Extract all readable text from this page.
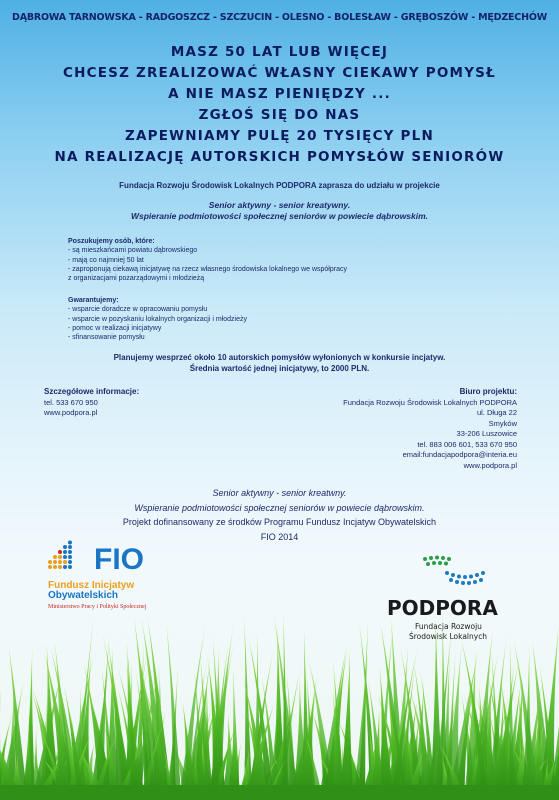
DĄBROWA TARNOWSKA - RADGOSZCZ - SZCZUCIN - OLESNO - BOLESŁAW - GRĘBOSZÓW - MĘDZECHÓW
MASZ 50 LAT LUB WIĘCEJ
CHCESZ ZREALIZOWAĆ WŁASNY CIEKAWY POMYSŁ
A NIE MASZ PIENIĘDZY ...
ZGŁOŚ SIĘ DO NAS
ZAPEWNIAMY PULĘ 20 TYSIĘCY PLN
NA REALIZACJĘ AUTORSKICH POMYSŁÓW SENIORÓW
Fundacja Rozwoju Środowisk Lokalnych PODPORA zaprasza do udziału w projekcie
Senior aktywny - senior kreatywny.
Wspieranie podmiotowości społecznej seniorów w powiecie dąbrowskim.
Poszukujemy osób, które:
- są mieszkańcami powiatu dąbrowskiego
- mają co najmniej 50 lat
- zaproponują ciekawą inicjatywę na rzecz własnego środowiska lokalnego we współpracy
z organizacjami pozarządowymi i młodzieżą
Gwarantujemy:
- wsparcie doradcze w opracowaniu pomysłu
- wsparcie w pozyskaniu lokalnych organizacji i młodzieży
- pomoc w realizacji inicjatywy
- sfinansowanie pomysłu
Planujemy wesprzeć około 10 autorskich pomysłów wyłonionych w konkursie incjatyw.
Średnia wartość jednej inicjatywy, to 2000 PLN.
Szczegółowe informacje:
tel. 533 670 950
www.podpora.pl
Biuro projektu:
Fundacja Rozwoju Środowisk Lokalnych PODPORA
ul. Długa 22
Smyków
33-206 Luszowice
tel. 883 006 601, 533 670 950
email:fundacjapodpora@interia.eu
www.podpora.pl
Senior aktywny - senior kreatwny.
Wspieranie podmiotowości społecznej seniorów w powiecie dąbrowskim.
Projekt dofinansowany ze środków Programu Fundusz Incjatyw Obywatelskich
FIO 2014
FIO
Fundusz Inicjatyw
Obywatelskich
Ministerstwo Pracy i Polityki Społecznej	PODPORA
Fundacja Rozwoju
Środowisk Lokalnych
